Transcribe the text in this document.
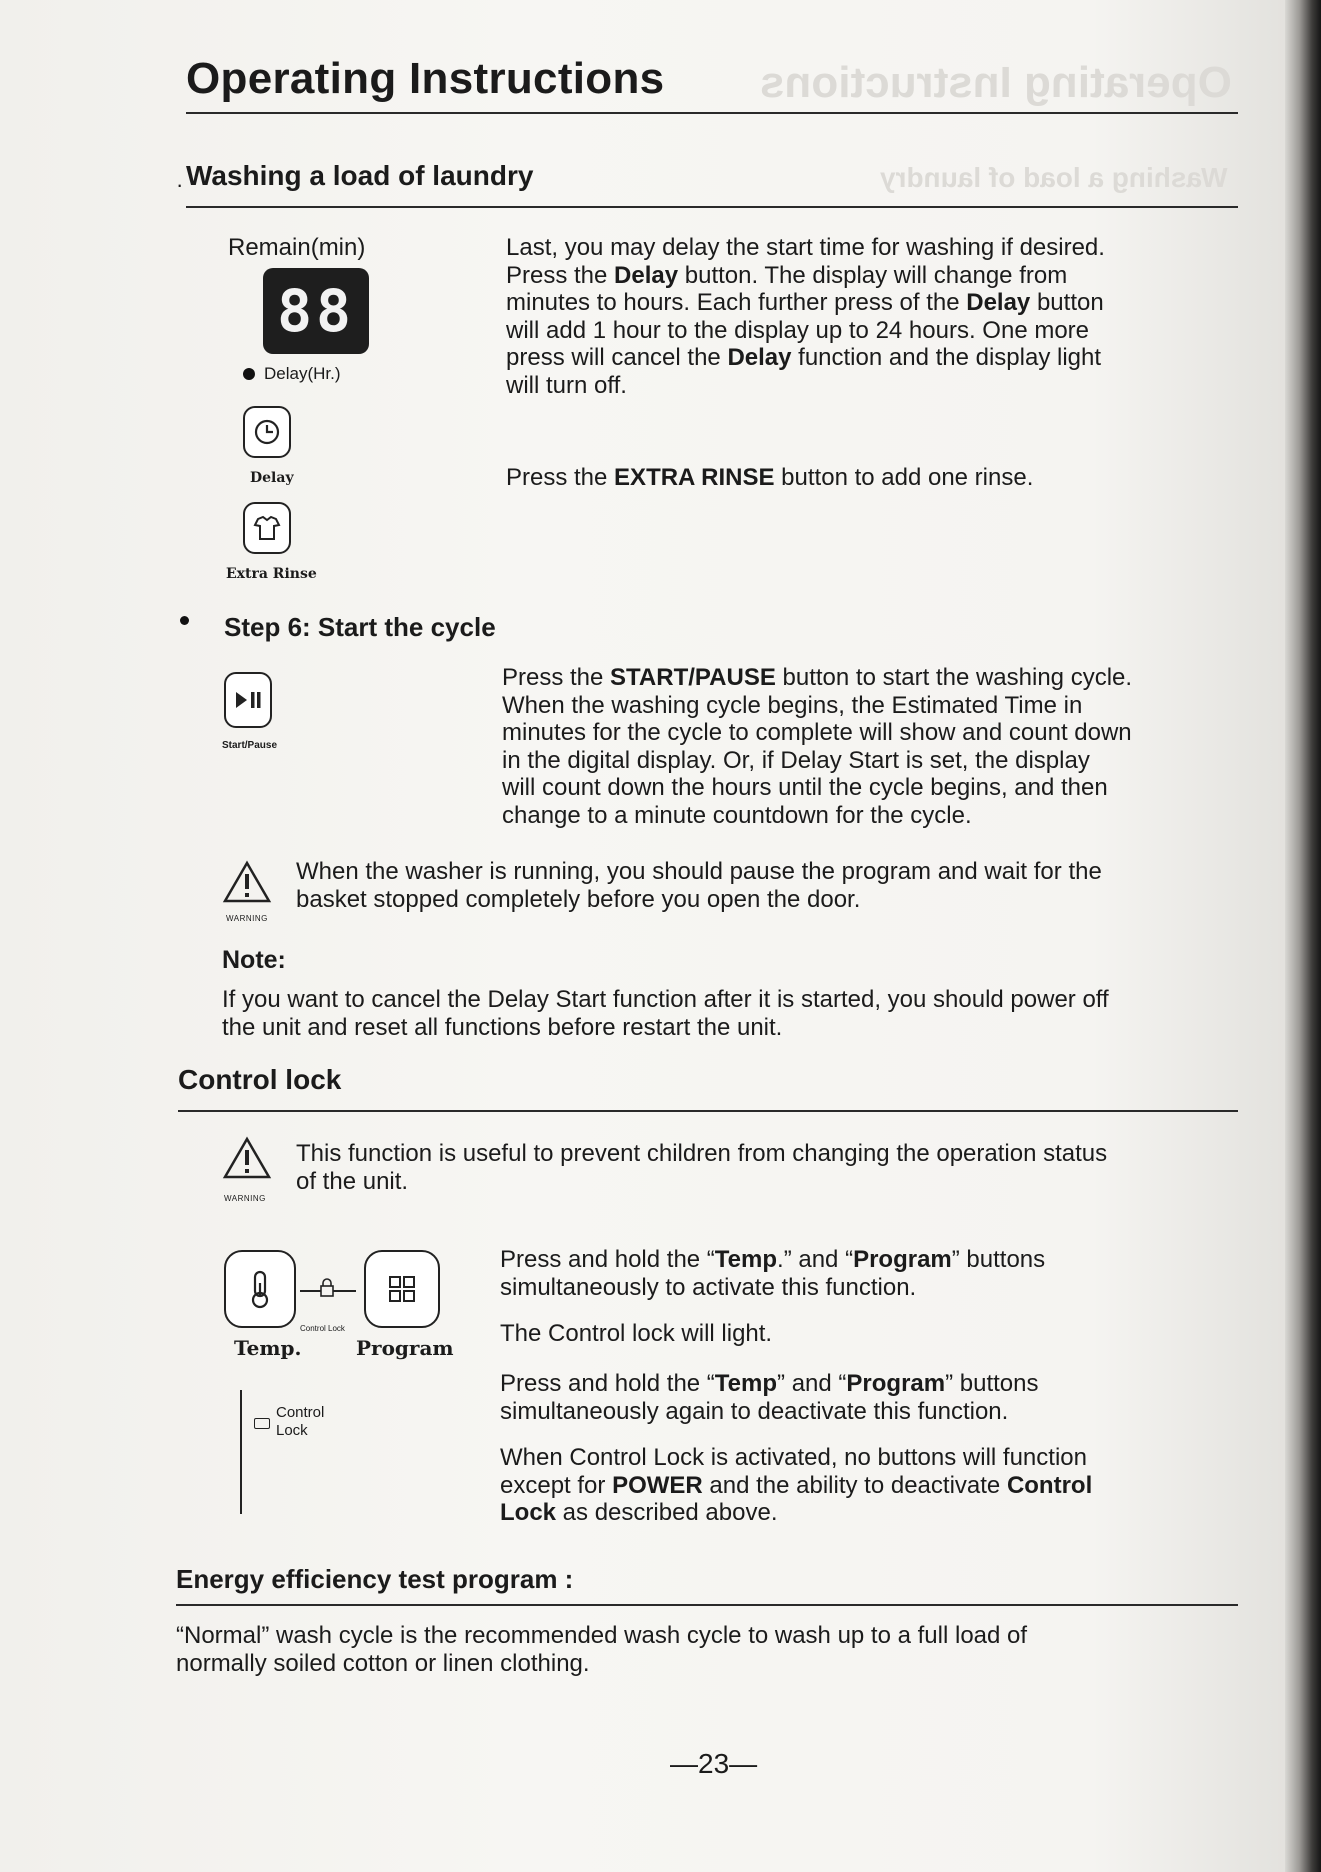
Operating Instructions
Washing a load of laundry
Operating Instructions
· Washing a load of laundry
Remain(min)
88
Delay(Hr.)
Delay
Extra Rinse
Last, you may delay the start time for washing if desired.
Press the Delay button. The display will change from
minutes to hours. Each further press of the Delay button
will add 1 hour to the display up to 24 hours. One more
press will cancel the Delay function and the display light
will turn off.
Press the EXTRA RINSE button to add one rinse.
Step 6: Start the cycle
Start/Pause
Press the START/PAUSE button to start the washing cycle.
When the washing cycle begins, the Estimated Time in
minutes for the cycle to complete will show and count down
in the digital display. Or, if Delay Start is set, the display
will count down the hours until the cycle begins, and then
change to a minute countdown for the cycle.
WARNING
When the washer is running, you should pause the program and wait for the
basket stopped completely before you open the door.
Note:
If you want to cancel the Delay Start function after it is started, you should power off
the unit and reset all functions before restart the unit.
Control lock
WARNING
This function is useful to prevent children from changing the operation status
of the unit.
Control Lock
Temp.	Program
Control
Lock
Press and hold the “Temp.” and “Program” buttons
simultaneously to activate this function.
The Control lock will light.
Press and hold the “Temp” and “Program” buttons
simultaneously again to deactivate this function.
When Control Lock is activated, no buttons will function
except for POWER and the ability to deactivate Control
Lock as described above.
Energy efficiency test program :
“Normal” wash cycle is the recommended wash cycle to wash up to a full load of
normally soiled cotton or linen clothing.
—23—
